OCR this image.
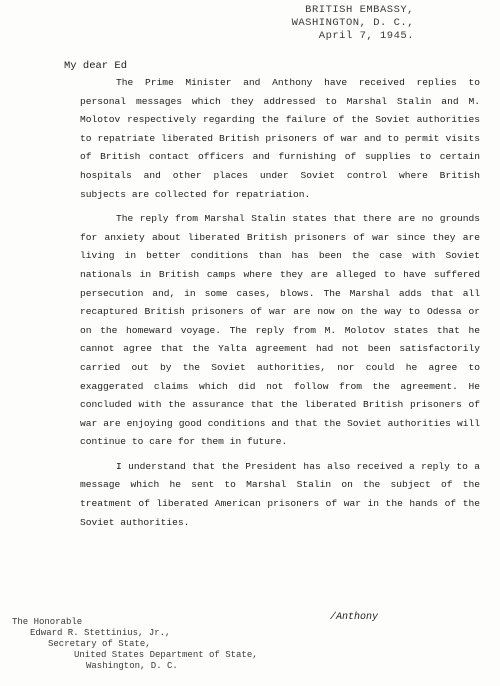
BRITISH EMBASSY,
WASHINGTON, D. C.,
April 7, 1945.
My dear Ed

The Prime Minister and Anthony have received replies to personal messages which they addressed to Marshal Stalin and M. Molotov respectively regarding the failure of the Soviet authorities to repatriate liberated British prisoners of war and to permit visits of British contact officers and furnishing of supplies to certain hospitals and other places under Soviet control where British subjects are collected for repatriation.

The reply from Marshal Stalin states that there are no grounds for anxiety about liberated British prisoners of war since they are living in better conditions than has been the case with Soviet nationals in British camps where they are alleged to have suffered persecution and, in some cases, blows. The Marshal adds that all recaptured British prisoners of war are now on the way to Odessa or on the homeward voyage. The reply from M. Molotov states that he cannot agree that the Yalta agreement had not been satisfactorily carried out by the Soviet authorities, nor could he agree to exaggerated claims which did not follow from the agreement. He concluded with the assurance that the liberated British prisoners of war are enjoying good conditions and that the Soviet authorities will continue to care for them in future.

I understand that the President has also received a reply to a message which he sent to Marshal Stalin on the subject of the treatment of liberated American prisoners of war in the hands of the Soviet authorities.

/Anthony
The Honorable
Edward R. Stettinius, Jr.,
Secretary of State,
United States Department of State,
Washington, D. C.
